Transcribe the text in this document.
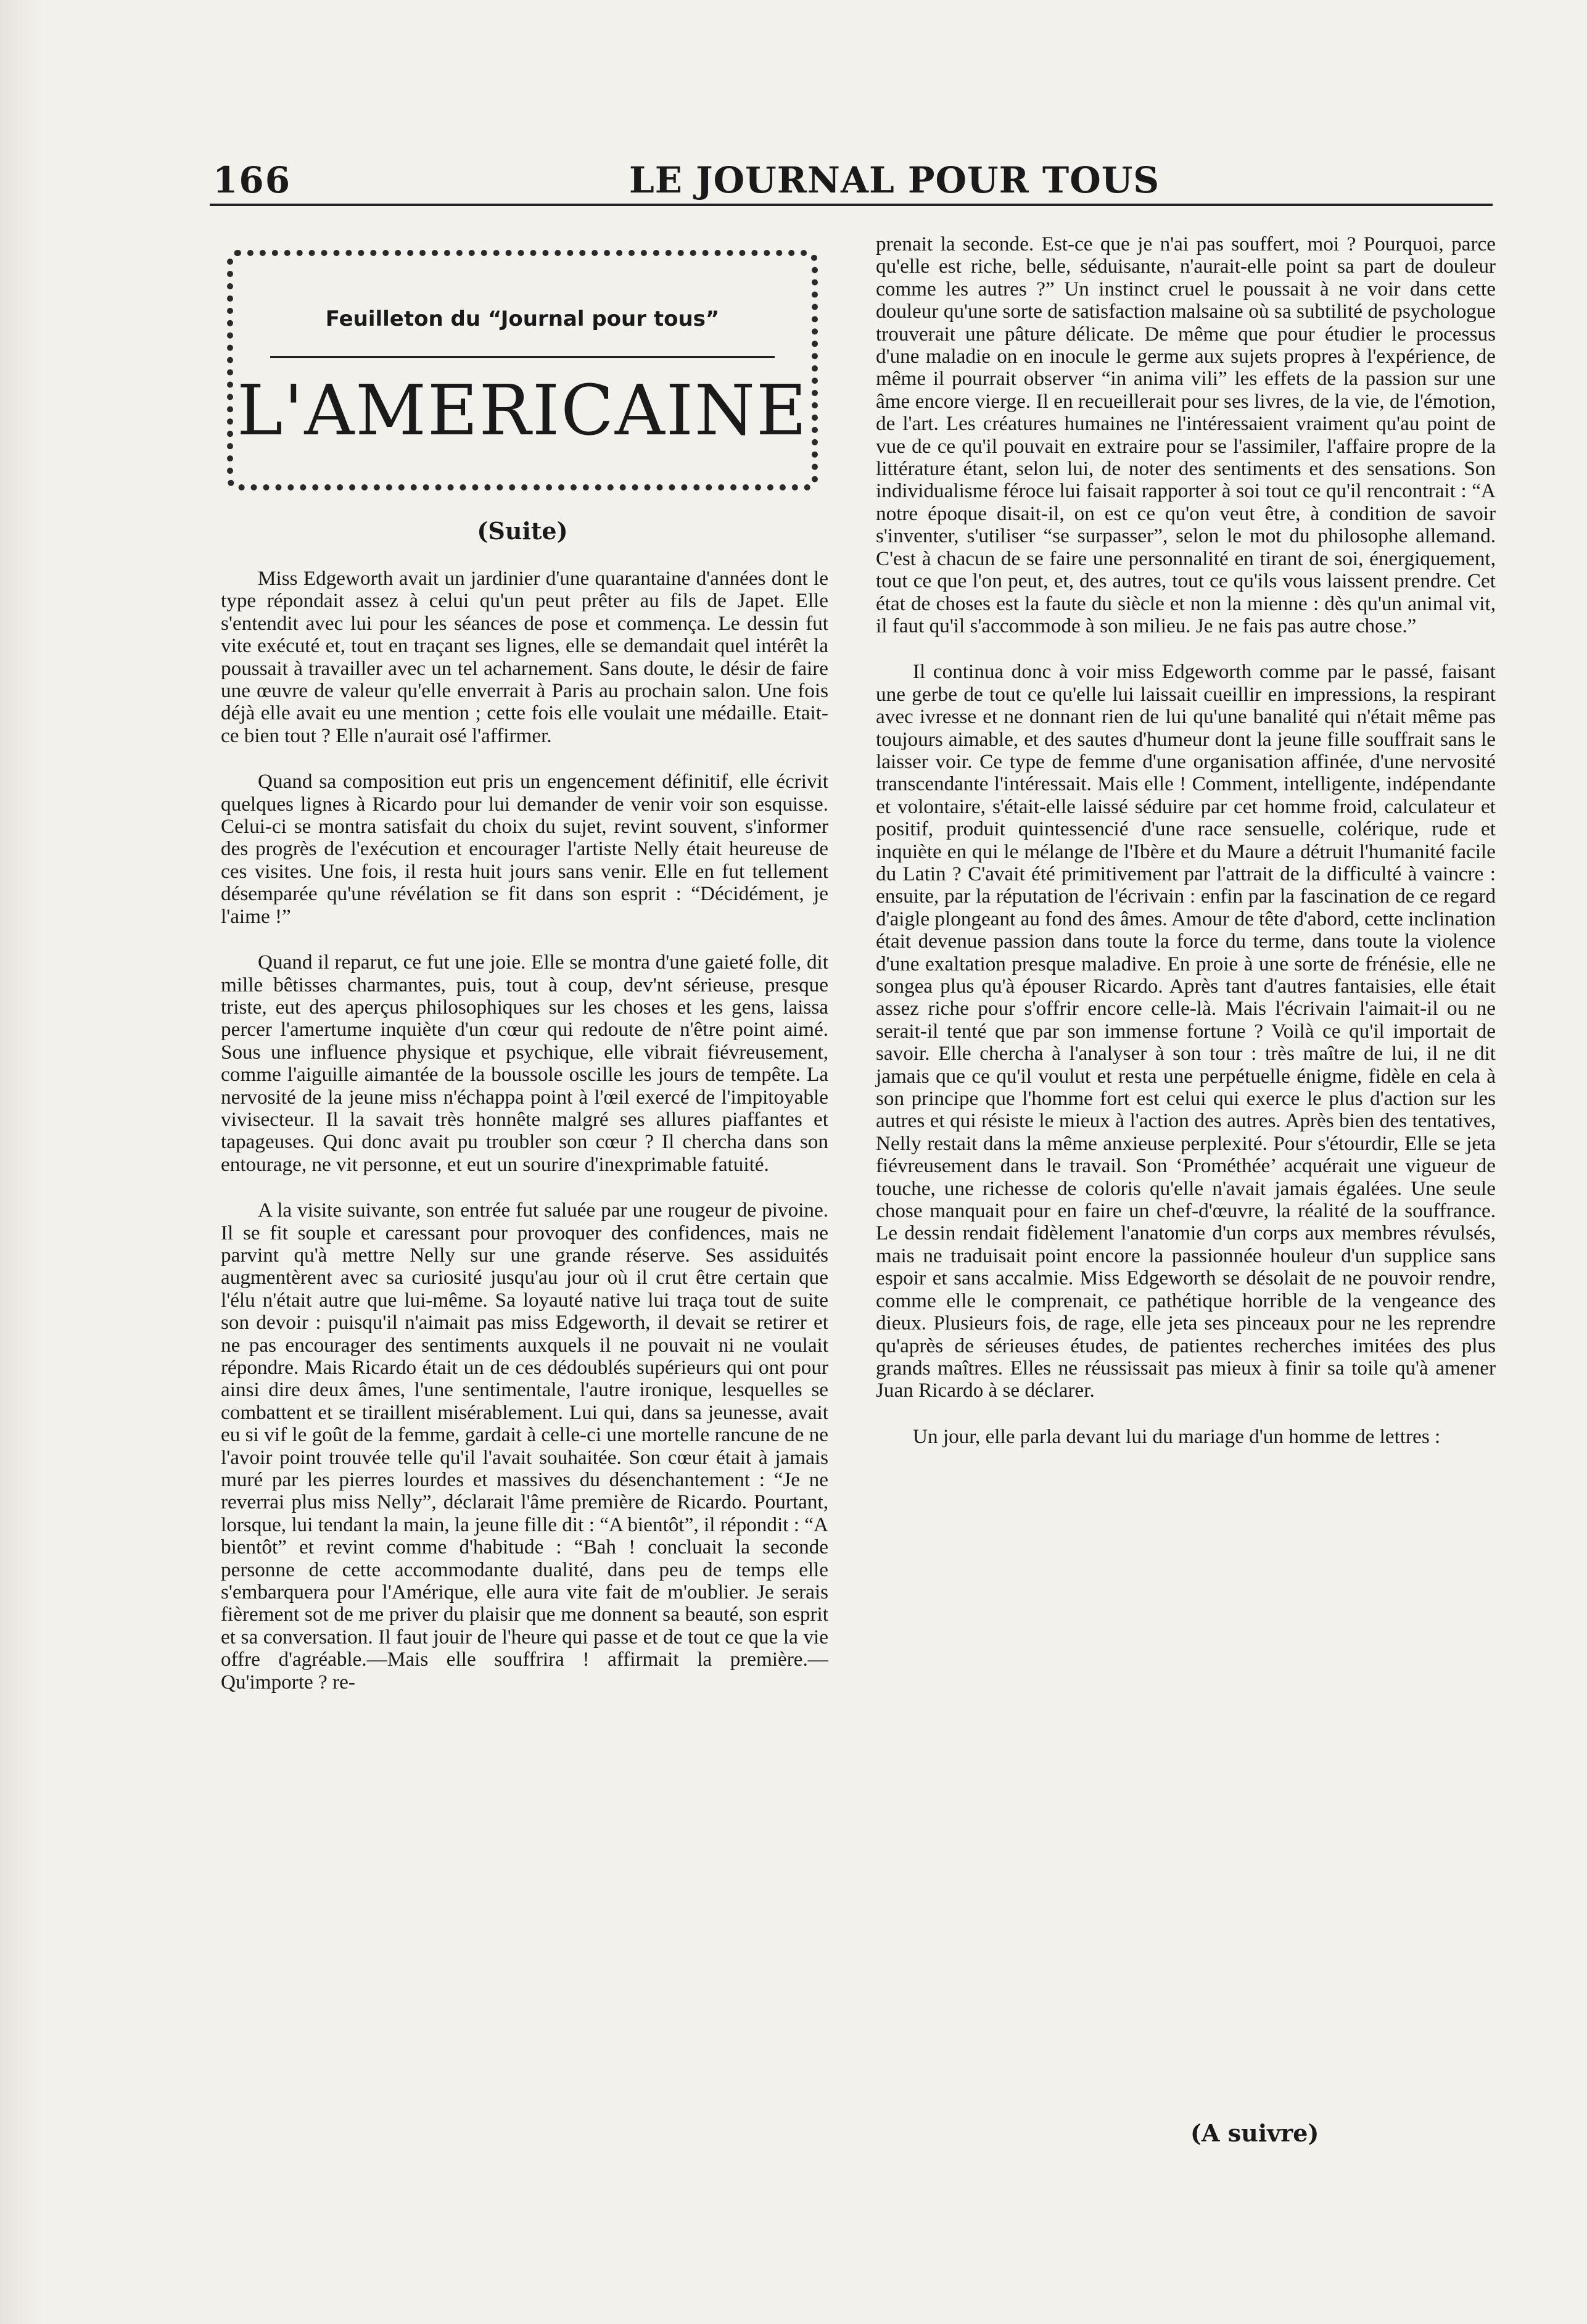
166	LE JOURNAL POUR TOUS
Feuilleton du “Journal pour tous”
L'AMERICAINE
(Suite)

Miss Edgeworth avait un jardinier d'une quarantaine d'années dont le type répondait assez à celui qu'un peut prêter au fils de Japet. Elle s'entendit avec lui pour les séances de pose et commença. Le dessin fut vite exécuté et, tout en traçant ses lignes, elle se demandait quel intérêt la poussait à travailler avec un tel acharnement. Sans doute, le désir de faire une œuvre de valeur qu'elle enverrait à Paris au prochain salon. Une fois déjà elle avait eu une mention ; cette fois elle voulait une médaille. Etait-ce bien tout ? Elle n'aurait osé l'affirmer.

Quand sa composition eut pris un engencement définitif, elle écrivit quelques lignes à Ricardo pour lui demander de venir voir son esquisse. Celui-ci se montra satisfait du choix du sujet, revint souvent, s'informer des progrès de l'exécution et encourager l'artiste Nelly était heureuse de ces visites. Une fois, il resta huit jours sans venir. Elle en fut tellement désemparée qu'une révélation se fit dans son esprit : “Décidément, je l'aime !”

Quand il reparut, ce fut une joie. Elle se montra d'une gaieté folle, dit mille bêtisses charmantes, puis, tout à coup, dev'nt sérieuse, presque triste, eut des aperçus philosophiques sur les choses et les gens, laissa percer l'amertume inquiète d'un cœur qui redoute de n'être point aimé. Sous une influence physique et psychique, elle vibrait fiévreusement, comme l'aiguille aimantée de la boussole oscille les jours de tempête. La nervosité de la jeune miss n'échappa point à l'œil exercé de l'impitoyable vivisecteur. Il la savait très honnête malgré ses allures piaffantes et tapageuses. Qui donc avait pu troubler son cœur ? Il chercha dans son entourage, ne vit personne, et eut un sourire d'inexprimable fatuité.

A la visite suivante, son entrée fut saluée par une rougeur de pivoine. Il se fit souple et caressant pour provoquer des confidences, mais ne parvint qu'à mettre Nelly sur une grande réserve. Ses assiduités augmentèrent avec sa curiosité jusqu'au jour où il crut être certain que l'élu n'était autre que lui-même. Sa loyauté native lui traça tout de suite son devoir : puisqu'il n'aimait pas miss Edgeworth, il devait se retirer et ne pas encourager des sentiments auxquels il ne pouvait ni ne voulait répondre. Mais Ricardo était un de ces dédoublés supérieurs qui ont pour ainsi dire deux âmes, l'une sentimentale, l'autre ironique, lesquelles se combattent et se tiraillent misérablement. Lui qui, dans sa jeunesse, avait eu si vif le goût de la femme, gardait à celle-ci une mortelle rancune de ne l'avoir point trouvée telle qu'il l'avait souhaitée. Son cœur était à jamais muré par les pierres lourdes et massives du désenchantement : “Je ne reverrai plus miss Nelly”, déclarait l'âme première de Ricardo. Pourtant, lorsque, lui tendant la main, la jeune fille dit : “A bientôt”, il répondit : “A bientôt” et revint comme d'habitude : “Bah ! concluait la seconde personne de cette accommodante dualité, dans peu de temps elle s'embarquera pour l'Amérique, elle aura vite fait de m'oublier. Je serais fièrement sot de me priver du plaisir que me donnent sa beauté, son esprit et sa conversation. Il faut jouir de l'heure qui passe et de tout ce que la vie offre d'agréable.—Mais elle souffrira ! affirmait la première.—Qu'importe ? re-

prenait la seconde. Est-ce que je n'ai pas souffert, moi ? Pourquoi, parce qu'elle est riche, belle, séduisante, n'aurait-elle point sa part de douleur comme les autres ?” Un instinct cruel le poussait à ne voir dans cette douleur qu'une sorte de satisfaction malsaine où sa subtilité de psychologue trouverait une pâture délicate. De même que pour étudier le processus d'une maladie on en inocule le germe aux sujets propres à l'expérience, de même il pourrait observer “in anima vili” les effets de la passion sur une âme encore vierge. Il en recueillerait pour ses livres, de la vie, de l'émotion, de l'art. Les créatures humaines ne l'intéressaient vraiment qu'au point de vue de ce qu'il pouvait en extraire pour se l'assimiler, l'affaire propre de la littérature étant, selon lui, de noter des sentiments et des sensations. Son individualisme féroce lui faisait rapporter à soi tout ce qu'il rencontrait : “A notre époque disait-il, on est ce qu'on veut être, à condition de savoir s'inventer, s'utiliser “se surpasser”, selon le mot du philosophe allemand. C'est à chacun de se faire une personnalité en tirant de soi, énergiquement, tout ce que l'on peut, et, des autres, tout ce qu'ils vous laissent prendre. Cet état de choses est la faute du siècle et non la mienne : dès qu'un animal vit, il faut qu'il s'accommode à son milieu. Je ne fais pas autre chose.”

Il continua donc à voir miss Edgeworth comme par le passé, faisant une gerbe de tout ce qu'elle lui laissait cueillir en impressions, la respirant avec ivresse et ne donnant rien de lui qu'une banalité qui n'était même pas toujours aimable, et des sautes d'humeur dont la jeune fille souffrait sans le laisser voir. Ce type de femme d'une organisation affinée, d'une nervosité transcendante l'intéressait. Mais elle ! Comment, intelligente, indépendante et volontaire, s'était-elle laissé séduire par cet homme froid, calculateur et positif, produit quintessencié d'une race sensuelle, colérique, rude et inquiète en qui le mélange de l'Ibère et du Maure a détruit l'humanité facile du Latin ? C'avait été primitivement par l'attrait de la difficulté à vaincre : ensuite, par la réputation de l'écrivain : enfin par la fascination de ce regard d'aigle plongeant au fond des âmes. Amour de tête d'abord, cette inclination était devenue passion dans toute la force du terme, dans toute la violence d'une exaltation presque maladive. En proie à une sorte de frénésie, elle ne songea plus qu'à épouser Ricardo. Après tant d'autres fantaisies, elle était assez riche pour s'offrir encore celle-là. Mais l'écrivain l'aimait-il ou ne serait-il tenté que par son immense fortune ? Voilà ce qu'il importait de savoir. Elle chercha à l'analyser à son tour : très maître de lui, il ne dit jamais que ce qu'il voulut et resta une perpétuelle énigme, fidèle en cela à son principe que l'homme fort est celui qui exerce le plus d'action sur les autres et qui résiste le mieux à l'action des autres. Après bien des tentatives, Nelly restait dans la même anxieuse perplexité. Pour s'étourdir, Elle se jeta fiévreusement dans le travail. Son ‘Prométhée’ acquérait une vigueur de touche, une richesse de coloris qu'elle n'avait jamais égalées. Une seule chose manquait pour en faire un chef-d'œuvre, la réalité de la souffrance. Le dessin rendait fidèlement l'anatomie d'un corps aux membres révulsés, mais ne traduisait point encore la passionnée houleur d'un supplice sans espoir et sans accalmie. Miss Edgeworth se désolait de ne pouvoir rendre, comme elle le comprenait, ce pathétique horrible de la vengeance des dieux. Plusieurs fois, de rage, elle jeta ses pinceaux pour ne les reprendre qu'après de sérieuses études, de patientes recherches imitées des plus grands maîtres. Elles ne réussissait pas mieux à finir sa toile qu'à amener Juan Ricardo à se déclarer.

Un jour, elle parla devant lui du mariage d'un homme de lettres :

(A suivre)
